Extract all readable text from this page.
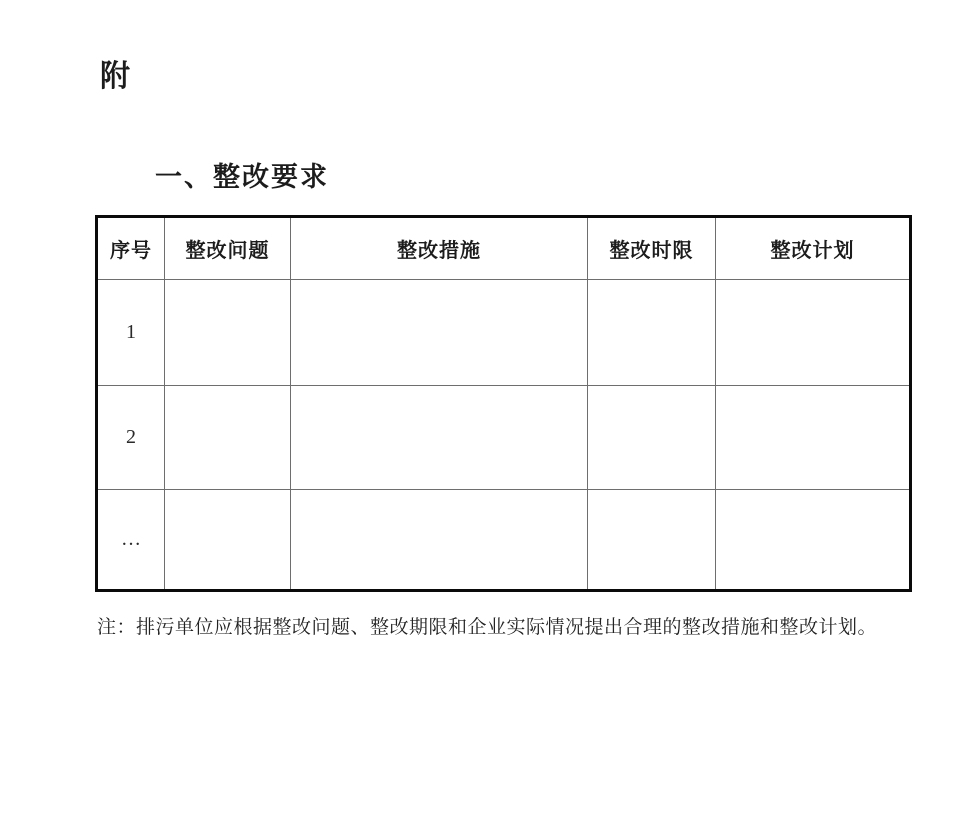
附
一、整改要求
序号	整改问题	整改措施	整改时限	整改计划
1				
2				
…				
注：排污单位应根据整改问题、整改期限和企业实际情况提出合理的整改措施和整改计划。
